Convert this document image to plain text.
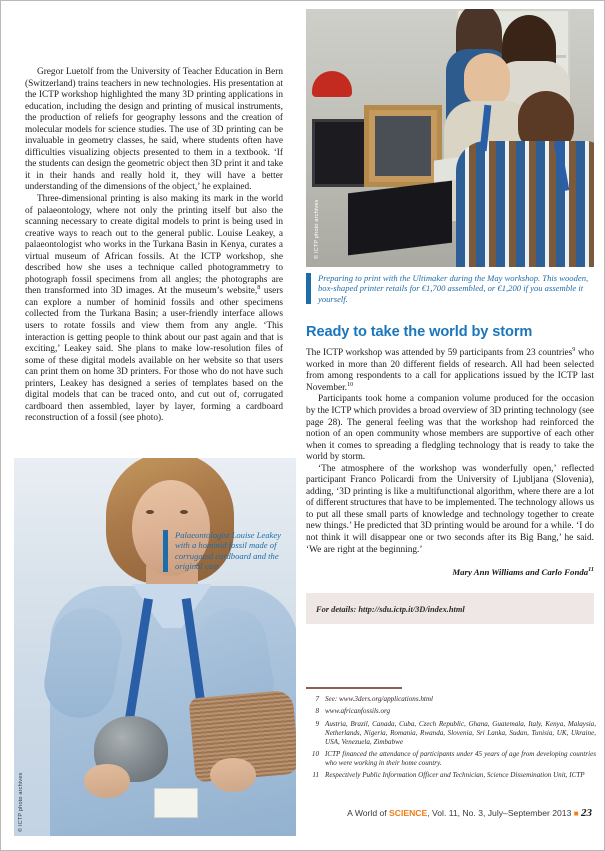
© ICTP photo archives

Gregor Luetolf from the University of Teacher Education in Bern (Switzerland) trains teachers in new technologies. His presentation at the ICTP workshop highlighted the many 3D printing applications in education, including the design and printing of musical instruments, the production of reliefs for geography lessons and the creation of molecular models for science studies. The use of 3D printing can be invaluable in geometry classes, he said, where students often have difficulties visualizing objects presented to them in a textbook. ‘If the students can design the geometric object then 3D print it and take it in their hands and really hold it, they will have a better understanding of the dimensions of the object,’ he explained.

Three-dimensional printing is also making its mark in the world of palaeontology, where not only the printing itself but also the scanning necessary to create digital models to print is being used in creative ways to reach out to the general public. Louise Leakey, a palaeontologist who works in the Turkana Basin in Kenya, curates a virtual museum of African fossils. At the ICTP workshop, she described how she uses a technique called photogrammetry to photograph fossil specimens from all angles; the photographs are then transformed into 3D images. At the museum’s website,$^8$ users can explore a number of hominid fossils and other specimens collected from the Turkana Basin; a user-friendly interface allows users to rotate fossils and view them from any angle. ‘This interaction is getting people to think about our past again and that is exciting,’ Leakey said. She plans to make low-resolution files of some of these digital models available on her website so that users can print them on home 3D printers. For those who do not have such printers, Leakey has designed a series of templates based on the digital models that can be traced onto, and cut out of, corrugated cardboard then assembled, layer by layer, forming a cardboard reconstruction of a fossil (see photo).

© ICTP photo archives
Palaeontologist Louise Leakey with a hominid fossil made of corrugated cardboard and the original cast
Preparing to print with the Ultimaker during the May workshop. This wooden, box-shaped printer retails for €1,700 assembled, or €1,200 if you assemble it yourself.
Ready to take the world by storm

The ICTP workshop was attended by 59 participants from 23 countries$^9$ who worked in more than 20 different fields of research. All had been selected from among respondents to a call for applications issued by the ICTP last November.$^{10}$

Participants took home a companion volume produced for the occasion by the ICTP which provides a broad overview of 3D printing technology (see page 28). The general feeling was that the workshop had reinforced the notion of an open community whose members are supportive of each other when it comes to spreading a fledgling technology that is ready to take the world by storm.

‘The atmosphere of the workshop was wonderfully open,’ reflected participant Franco Policardi from the University of Ljubljana (Slovenia), adding, ‘3D printing is like a multifunctional algorithm, where there are a lot of different structures that have to be implemented. The technology allows us to put all these small parts of knowledge and technology together to create new things.’ He predicted that 3D printing would be around for a while. ‘I do not think it will disappear one or two seconds after its Big Bang,’ he said. ‘We are right at the beginning.’

Mary Ann Williams and Carlo Fonda$^{11}$

For details: http://sdu.ictp.it/3D/index.html
7 See: www.3ders.org/applications.html
8 www.africanfossils.org
9 Austria, Brazil, Canada, Cuba, Czech Republic, Ghana, Guatemala, Italy, Kenya, Malaysia, Netherlands, Nigeria, Romania, Rwanda, Slovenia, Sri Lanka, Sudan, Tunisia, UK, Ukraine, USA, Venezuela, Zimbabwe
10 ICTP financed the attendance of participants under 45 years of age from developing countries who were working in their home country.
11 Respectively Public Information Officer and Technician, Science Dissemination Unit, ICTP
A World of SCIENCE, Vol. 11, No. 3, July–September 2013 ■ 23
